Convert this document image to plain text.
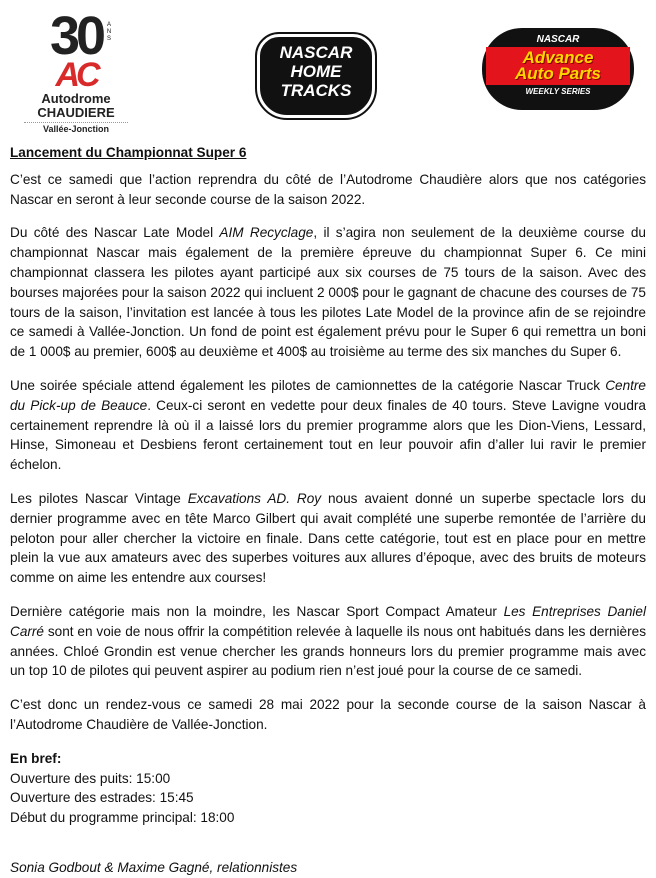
30 ANS
AC
Autodrome
CHAUDIERE
Vallée-Jonction
NASCAR
HOME
TRACKS
NASCAR
Advance
Auto Parts
WEEKLY SERIES
Lancement du Championnat Super 6

C’est ce samedi que l’action reprendra du côté de l’Autodrome Chaudière alors que nos catégories Nascar en seront à leur seconde course de la saison 2022.

Du côté des Nascar Late Model AIM Recyclage, il s’agira non seulement de la deuxième course du championnat Nascar mais également de la première épreuve du championnat Super 6. Ce mini championnat classera les pilotes ayant participé aux six courses de 75 tours de la saison. Avec des bourses majorées pour la saison 2022 qui incluent 2 000$ pour le gagnant de chacune des courses de 75 tours de la saison, l’invitation est lancée à tous les pilotes Late Model de la province afin de se rejoindre ce samedi à Vallée-Jonction. Un fond de point est également prévu pour le Super 6 qui remettra un boni de 1 000$ au premier, 600$ au deuxième et 400$ au troisième au terme des six manches du Super 6.

Une soirée spéciale attend également les pilotes de camionnettes de la catégorie Nascar Truck Centre du Pick-up de Beauce. Ceux-ci seront en vedette pour deux finales de 40 tours. Steve Lavigne voudra certainement reprendre là où il a laissé lors du premier programme alors que les Dion-Viens, Lessard, Hinse, Simoneau et Desbiens feront certainement tout en leur pouvoir afin d’aller lui ravir le premier échelon.

Les pilotes Nascar Vintage Excavations AD. Roy nous avaient donné un superbe spectacle lors du dernier programme avec en tête Marco Gilbert qui avait complété une superbe remontée de l’arrière du peloton pour aller chercher la victoire en finale. Dans cette catégorie, tout est en place pour en mettre plein la vue aux amateurs avec des superbes voitures aux allures d’époque, avec des bruits de moteurs comme on aime les entendre aux courses!

Dernière catégorie mais non la moindre, les Nascar Sport Compact Amateur Les Entreprises Daniel Carré sont en voie de nous offrir la compétition relevée à laquelle ils nous ont habitués dans les dernières années. Chloé Grondin est venue chercher les grands honneurs lors du premier programme mais avec un top 10 de pilotes qui peuvent aspirer au podium rien n’est joué pour la course de ce samedi.

C’est donc un rendez-vous ce samedi 28 mai 2022 pour la seconde course de la saison Nascar à l’Autodrome Chaudière de Vallée-Jonction.

En bref:
Ouverture des puits: 15:00
Ouverture des estrades: 15:45
Début du programme principal: 18:00
Sonia Godbout & Maxime Gagné, relationnistes
